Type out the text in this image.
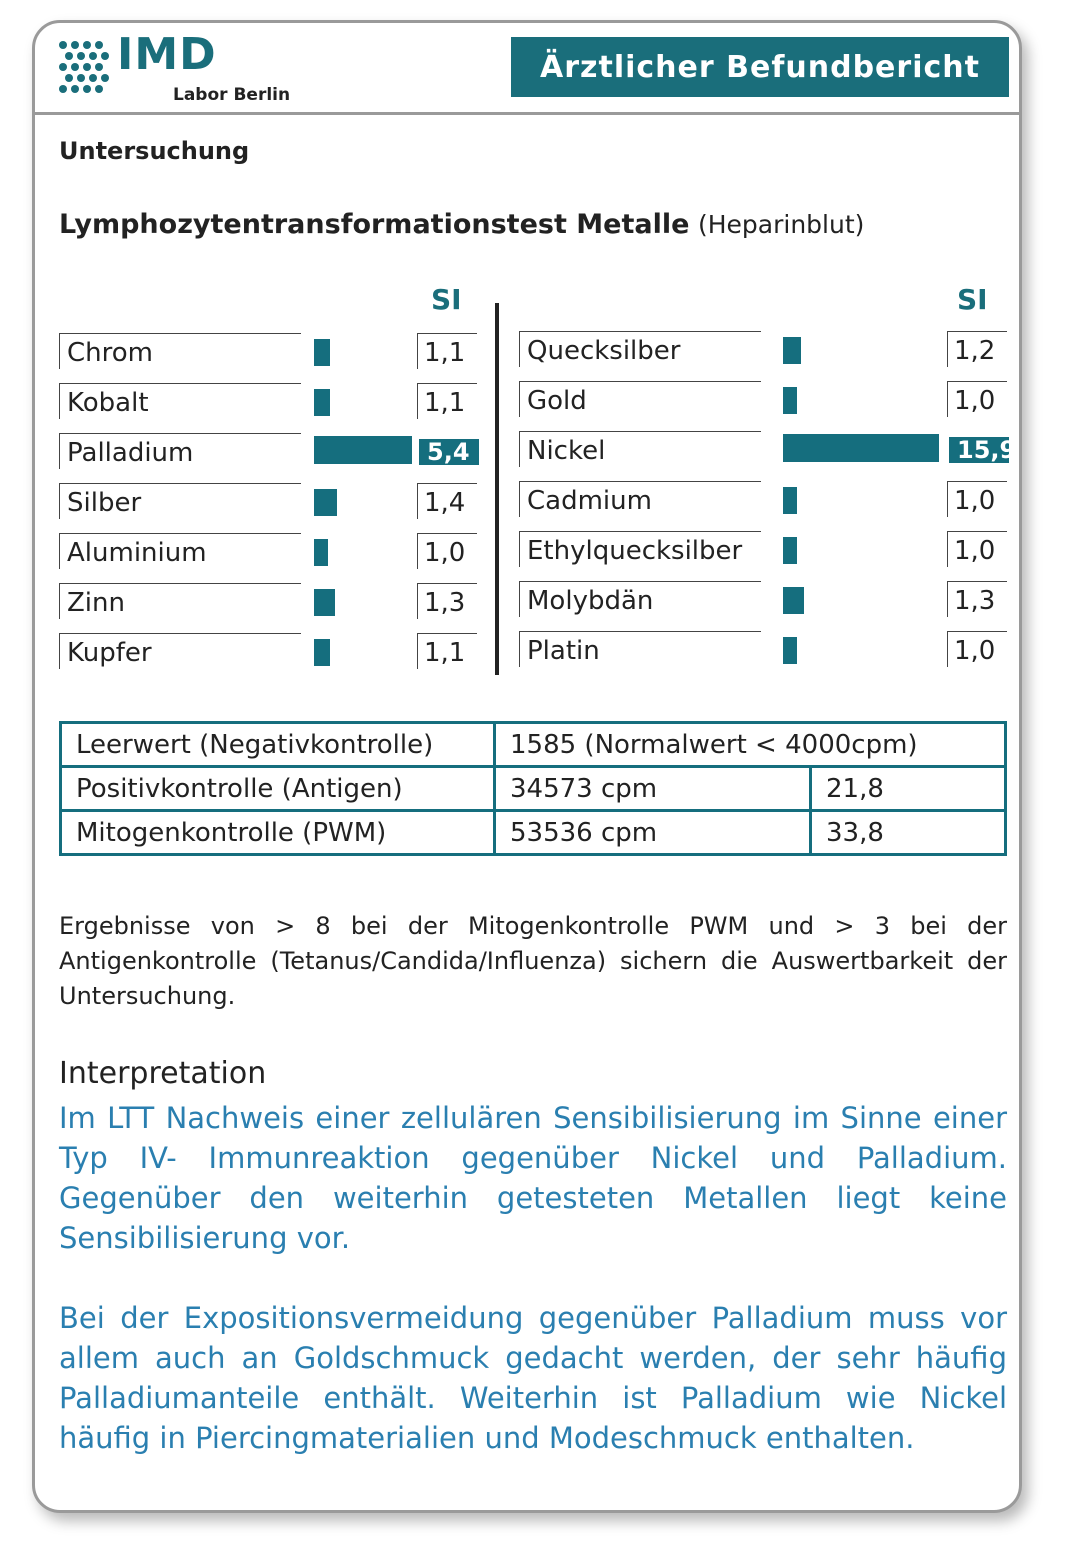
IMD
Labor Berlin
Ärztlicher Befundbericht
Untersuchung
Lymphozytentransformationstest Metalle (Heparinblut)
SI	SI
Chrom	1,1
Kobalt	1,1
Palladium	5,4
Silber	1,4
Aluminium	1,0
Zinn	1,3
Kupfer	1,1
Quecksilber	1,2
Gold	1,0
Nickel	15,9
Cadmium	1,0
Ethylquecksilber	1,0
Molybdän	1,3
Platin	1,0
Leerwert (Negativkontrolle)	1585 (Normalwert < 4000cpm)	
Positivkontrolle (Antigen)	34573 cpm	21,8
Mitogenkontrolle (PWM)	53536 cpm	33,8
Ergebnisse von > 8 bei der Mitogenkontrolle PWM und > 3 bei der Antigenkontrolle (Tetanus/Candida/Influenza) sichern die Auswertbarkeit der Untersuchung.
Interpretation
Im LTT Nachweis einer zellulären Sensibilisierung im Sinne einer Typ IV- Immunreaktion gegenüber Nickel und Palladium. Gegenüber den weiterhin getesteten Metallen liegt keine Sensibilisierung vor.
Bei der Expositionsvermeidung gegenüber Palladium muss vor allem auch an Goldschmuck gedacht werden, der sehr häufig Palladiumanteile enthält. Weiterhin ist Palladium wie Nickel häufig in Piercingmaterialien und Modeschmuck enthalten.
